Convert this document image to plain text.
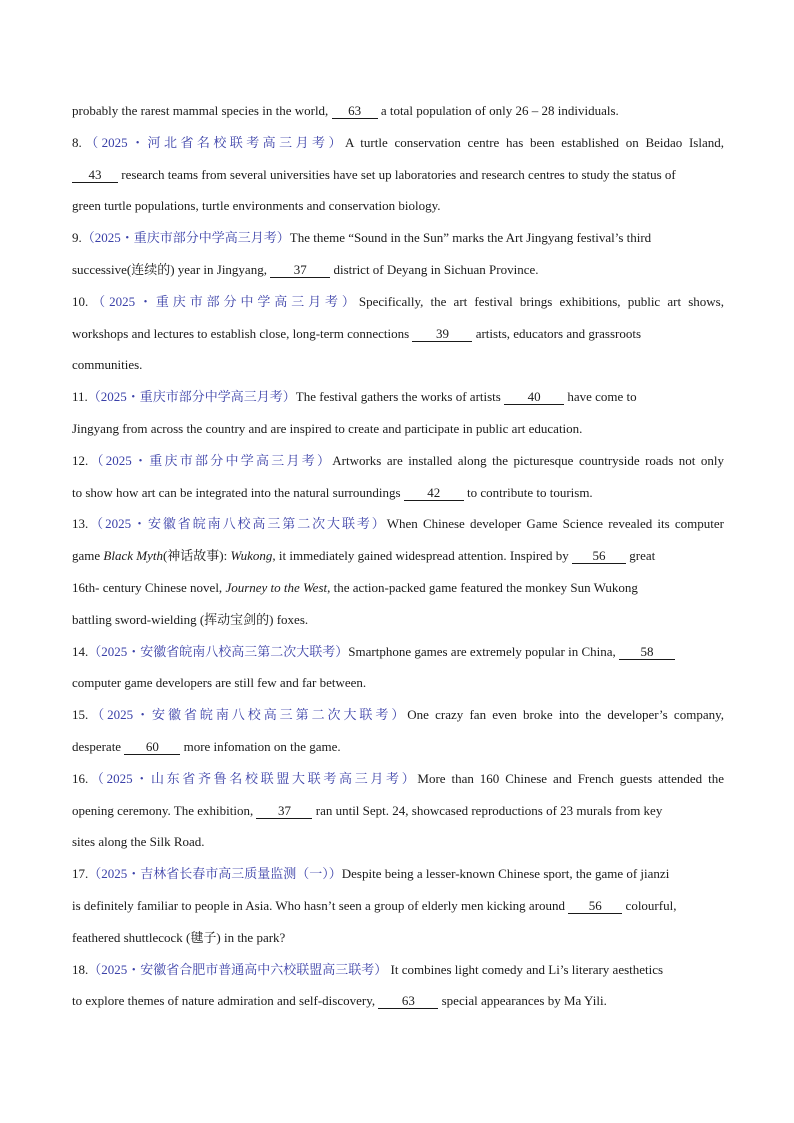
probably the rarest mammal species in the world, 63 a total population of only 26 – 28 individuals.
8.（2025・河北省名校联考高三月考）A turtle conservation centre has been established on Beidao Island,
43 research teams from several universities have set up laboratories and research centres to study the status of
green turtle populations, turtle environments and conservation biology.
9.（2025・重庆市部分中学高三月考）The theme “Sound in the Sun” marks the Art Jingyang festival’s third
successive(连续的) year in Jingyang, 37 district of Deyang in Sichuan Province.
10.（2025・重庆市部分中学高三月考）Specifically, the art festival brings exhibitions, public art shows,
workshops and lectures to establish close, long-term connections 39 artists, educators and grassroots
communities.
11.（2025・重庆市部分中学高三月考）The festival gathers the works of artists 40 have come to
Jingyang from across the country and are inspired to create and participate in public art education.
12.（2025・重庆市部分中学高三月考）Artworks are installed along the picturesque countryside roads not only
to show how art can be integrated into the natural surroundings 42 to contribute to tourism.
13.（2025・安徽省皖南八校高三第二次大联考）When Chinese developer Game Science revealed its computer
game Black Myth(神话故事): Wukong, it immediately gained widespread attention. Inspired by 56 great
16th- century Chinese novel, Journey to the West, the action-packed game featured the monkey Sun Wukong
battling sword-wielding (挥动宝剑的) foxes.
14.（2025・安徽省皖南八校高三第二次大联考）Smartphone games are extremely popular in China, 58
computer game developers are still few and far between.
15.（2025・安徽省皖南八校高三第二次大联考）One crazy fan even broke into the developer’s company,
desperate 60 more infomation on the game.
16.（2025・山东省齐鲁名校联盟大联考高三月考）More than 160 Chinese and French guests attended the
opening ceremony. The exhibition, 37 ran until Sept. 24, showcased reproductions of 23 murals from key
sites along the Silk Road.
17.（2025・吉林省长春市高三质量监测（一））Despite being a lesser-known Chinese sport, the game of jianzi
is definitely familiar to people in Asia. Who hasn’t seen a group of elderly men kicking around 56 colourful,
feathered shuttlecock (毽子) in the park?
18.（2025・安徽省合肥市普通高中六校联盟高三联考） It combines light comedy and Li’s literary aesthetics
to explore themes of nature admiration and self-discovery, 63 special appearances by Ma Yili.
